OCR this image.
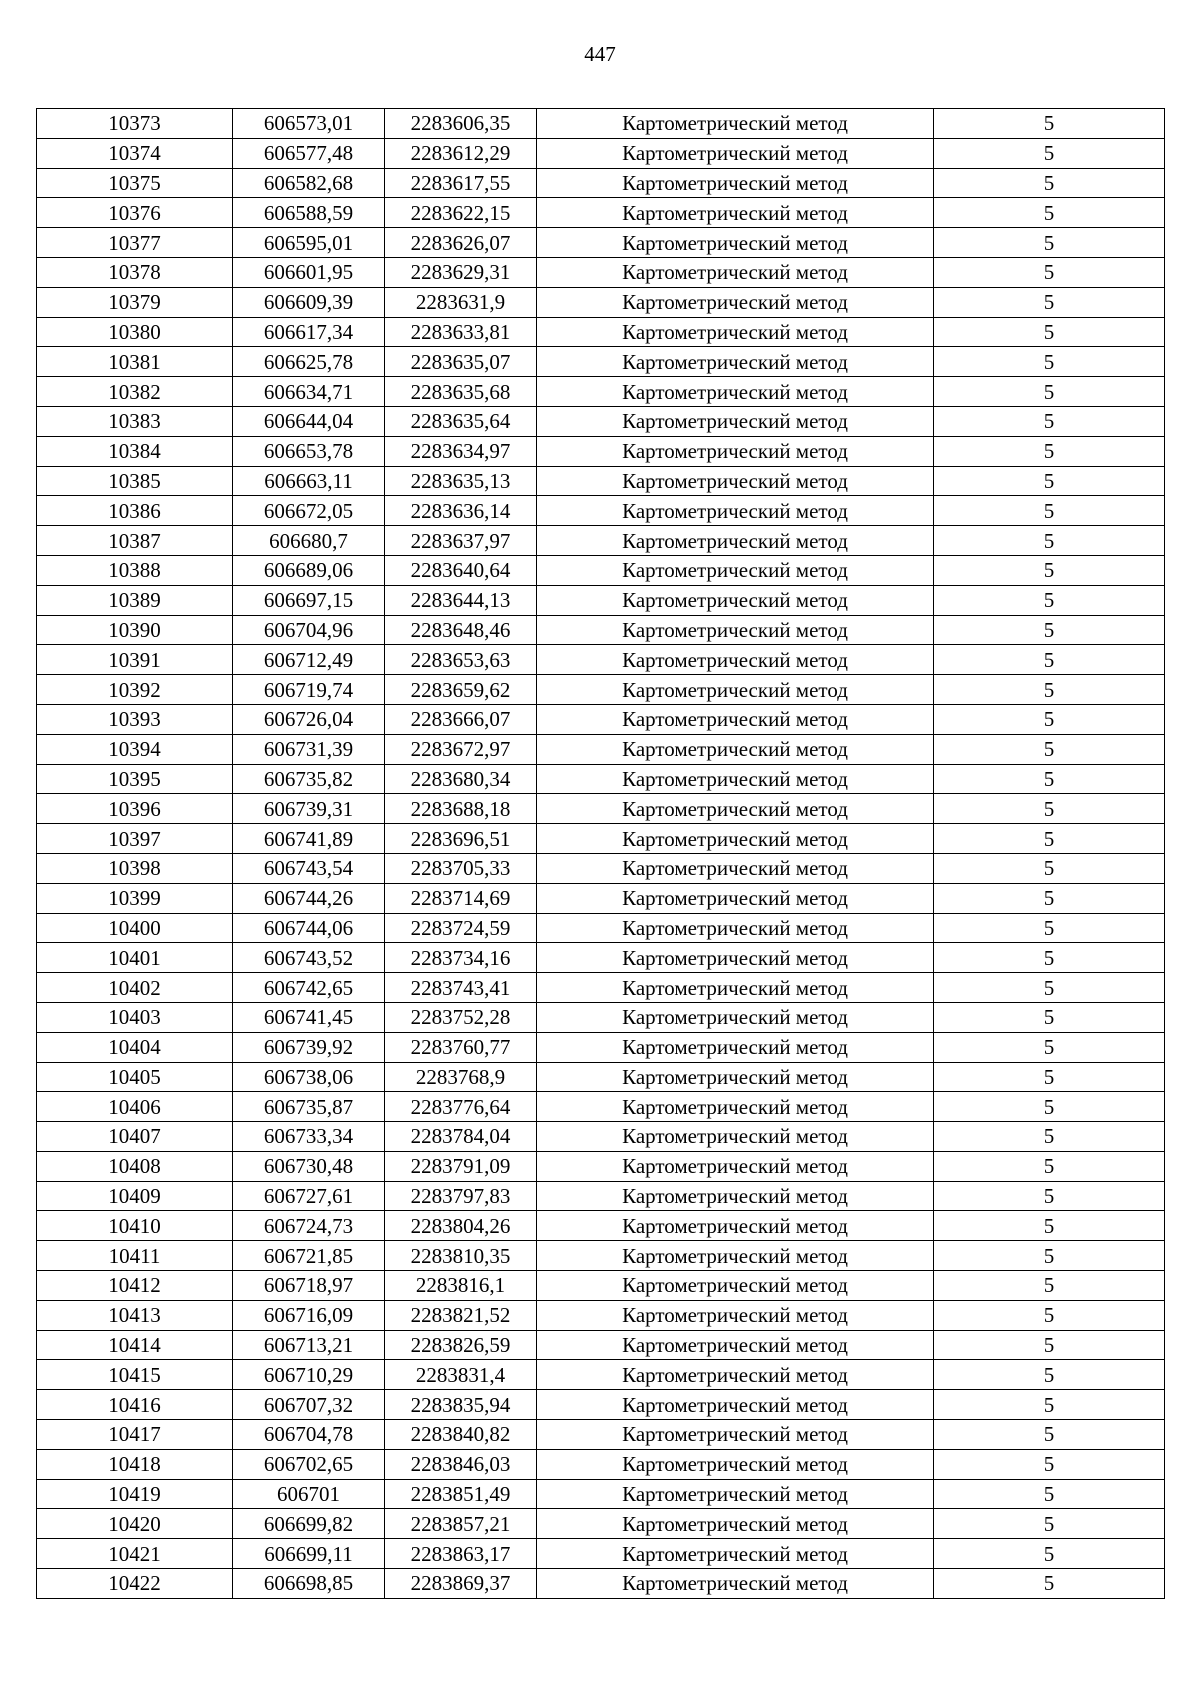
447
10373	606573,01	2283606,35	Картометрический метод	5
10374	606577,48	2283612,29	Картометрический метод	5
10375	606582,68	2283617,55	Картометрический метод	5
10376	606588,59	2283622,15	Картометрический метод	5
10377	606595,01	2283626,07	Картометрический метод	5
10378	606601,95	2283629,31	Картометрический метод	5
10379	606609,39	2283631,9	Картометрический метод	5
10380	606617,34	2283633,81	Картометрический метод	5
10381	606625,78	2283635,07	Картометрический метод	5
10382	606634,71	2283635,68	Картометрический метод	5
10383	606644,04	2283635,64	Картометрический метод	5
10384	606653,78	2283634,97	Картометрический метод	5
10385	606663,11	2283635,13	Картометрический метод	5
10386	606672,05	2283636,14	Картометрический метод	5
10387	606680,7	2283637,97	Картометрический метод	5
10388	606689,06	2283640,64	Картометрический метод	5
10389	606697,15	2283644,13	Картометрический метод	5
10390	606704,96	2283648,46	Картометрический метод	5
10391	606712,49	2283653,63	Картометрический метод	5
10392	606719,74	2283659,62	Картометрический метод	5
10393	606726,04	2283666,07	Картометрический метод	5
10394	606731,39	2283672,97	Картометрический метод	5
10395	606735,82	2283680,34	Картометрический метод	5
10396	606739,31	2283688,18	Картометрический метод	5
10397	606741,89	2283696,51	Картометрический метод	5
10398	606743,54	2283705,33	Картометрический метод	5
10399	606744,26	2283714,69	Картометрический метод	5
10400	606744,06	2283724,59	Картометрический метод	5
10401	606743,52	2283734,16	Картометрический метод	5
10402	606742,65	2283743,41	Картометрический метод	5
10403	606741,45	2283752,28	Картометрический метод	5
10404	606739,92	2283760,77	Картометрический метод	5
10405	606738,06	2283768,9	Картометрический метод	5
10406	606735,87	2283776,64	Картометрический метод	5
10407	606733,34	2283784,04	Картометрический метод	5
10408	606730,48	2283791,09	Картометрический метод	5
10409	606727,61	2283797,83	Картометрический метод	5
10410	606724,73	2283804,26	Картометрический метод	5
10411	606721,85	2283810,35	Картометрический метод	5
10412	606718,97	2283816,1	Картометрический метод	5
10413	606716,09	2283821,52	Картометрический метод	5
10414	606713,21	2283826,59	Картометрический метод	5
10415	606710,29	2283831,4	Картометрический метод	5
10416	606707,32	2283835,94	Картометрический метод	5
10417	606704,78	2283840,82	Картометрический метод	5
10418	606702,65	2283846,03	Картометрический метод	5
10419	606701	2283851,49	Картометрический метод	5
10420	606699,82	2283857,21	Картометрический метод	5
10421	606699,11	2283863,17	Картометрический метод	5
10422	606698,85	2283869,37	Картометрический метод	5
